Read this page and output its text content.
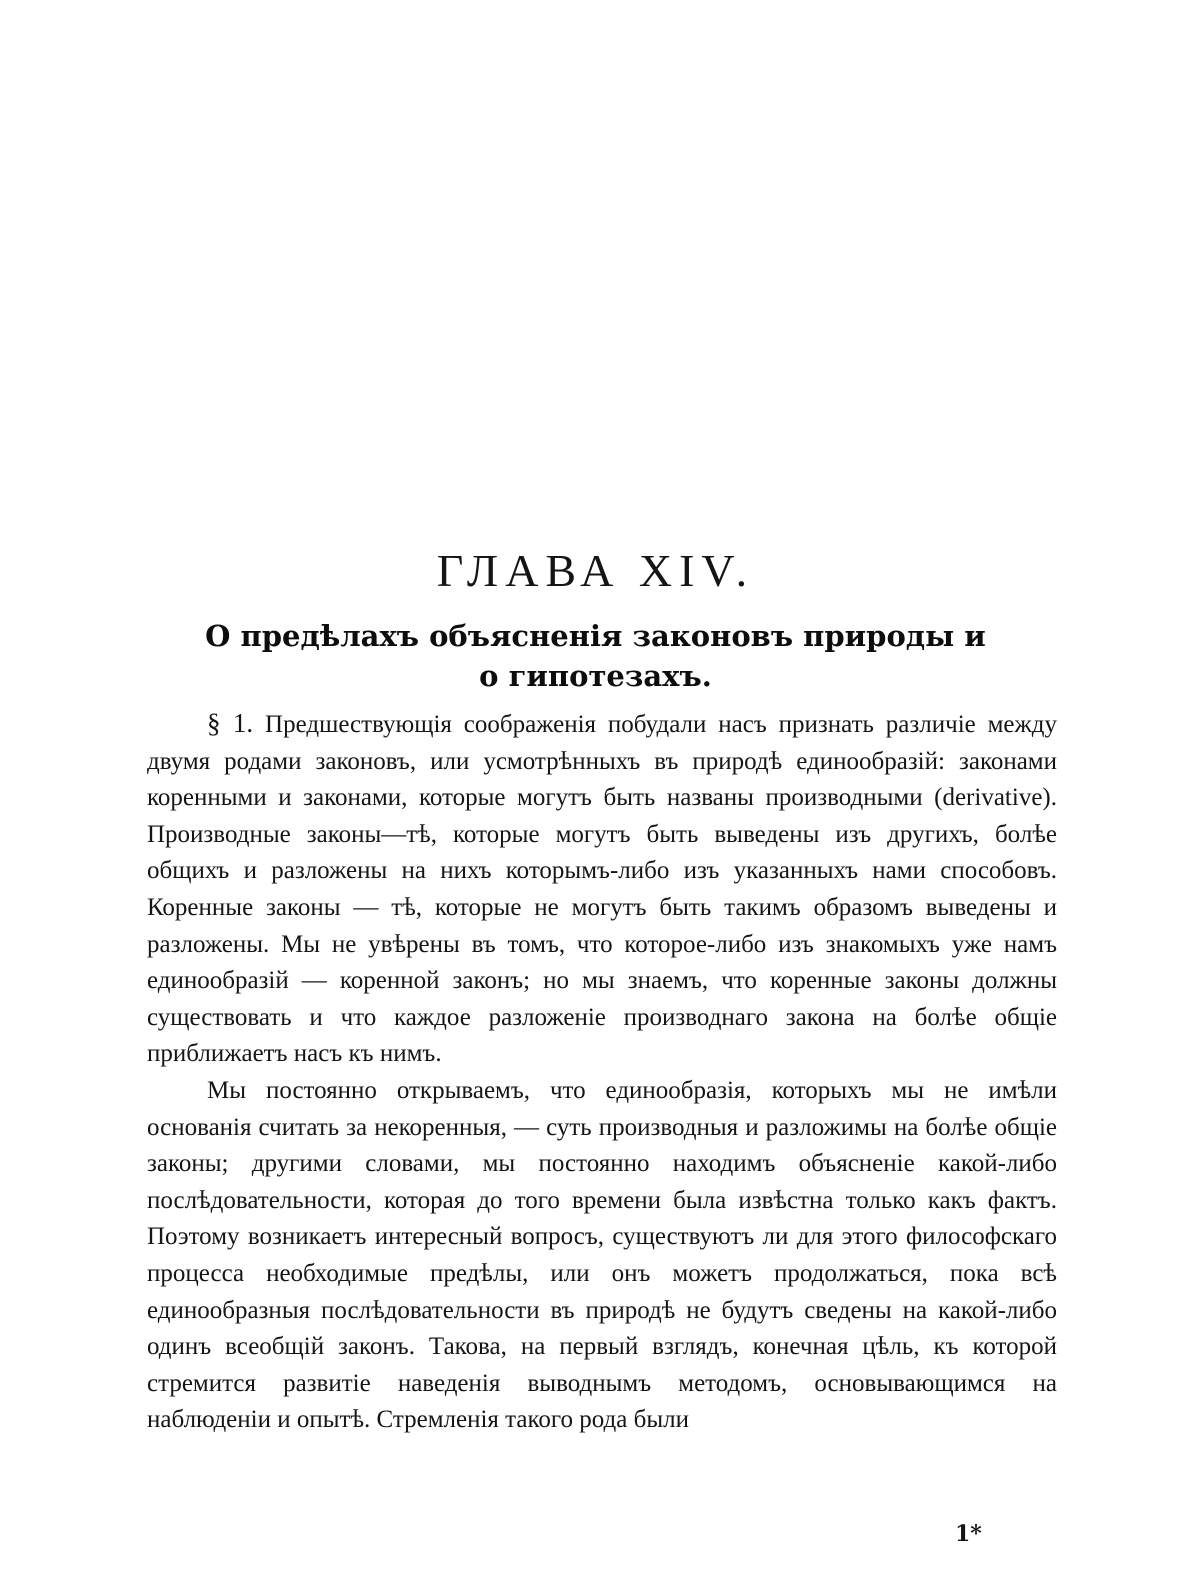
ГЛАВА XIV.
О предѣлахъ объясненія законовъ природы и
о гипотезахъ.

§ 1. Предшествующія соображенія побудали насъ признать различіе между двумя родами законовъ, или усмотрѣнныхъ въ природѣ единообразій: законами коренными и законами, которые могутъ быть названы производными (derivative). Производные законы—тѣ, которые могутъ быть выведены изъ другихъ, болѣе общихъ и разложены на нихъ которымъ-либо изъ указанныхъ нами способовъ. Коренные законы — тѣ, которые не могутъ быть такимъ образомъ выведены и разложены. Мы не увѣрены въ томъ, что которое-либо изъ знакомыхъ уже намъ единообразій — коренной законъ; но мы знаемъ, что коренные законы должны существовать и что каждое разложеніе производнаго закона на болѣе общіе приближаетъ насъ къ нимъ.

Мы постоянно открываемъ, что единообразія, которыхъ мы не имѣли основанія считать за некоренныя, — суть производныя и разложимы на болѣе общіе законы; другими словами, мы постоянно находимъ объясненіе какой-либо послѣдовательности, которая до того времени была извѣстна только какъ фактъ. Поэтому возникаетъ интересный вопросъ, существуютъ ли для этого философскаго процесса необходимые предѣлы, или онъ можетъ продолжаться, пока всѣ единообразныя послѣдовательности въ природѣ не будутъ сведены на какой-либо одинъ всеобщій законъ. Такова, на первый взглядъ, конечная цѣль, къ которой стремится развитіе наведенія выводнымъ методомъ, основывающимся на наблюденіи и опытѣ. Стремленія такого рода были

1*
